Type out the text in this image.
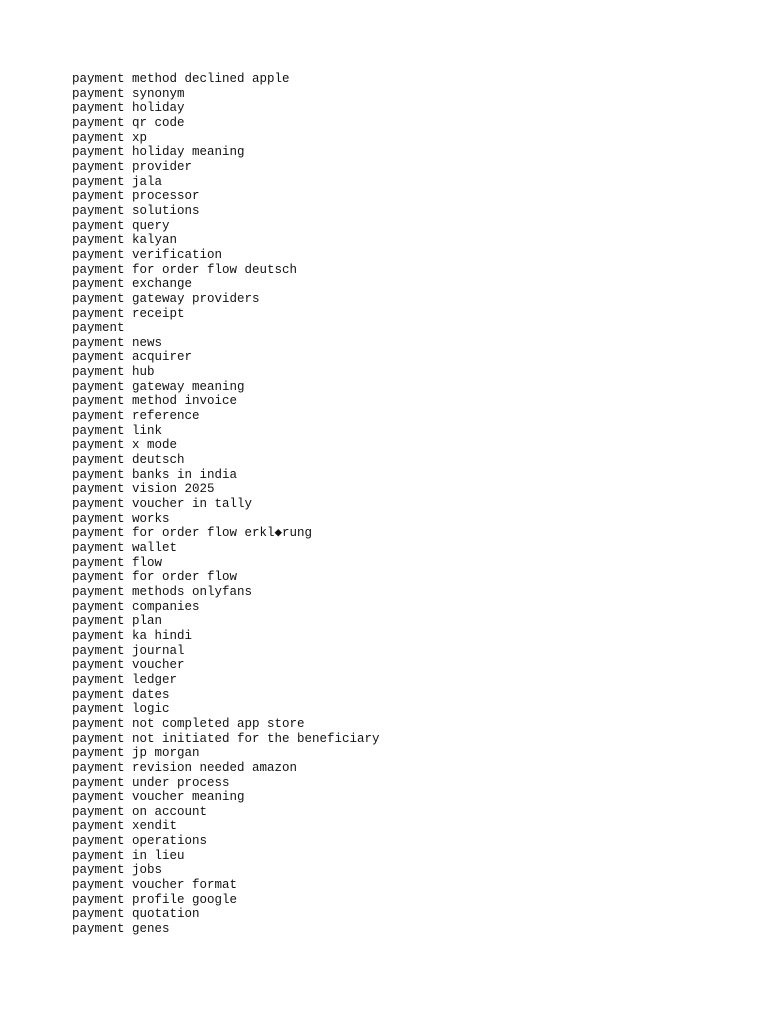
payment method declined apple
payment synonym
payment holiday
payment qr code
payment xp
payment holiday meaning
payment provider
payment jala
payment processor
payment solutions
payment query
payment kalyan
payment verification
payment for order flow deutsch
payment exchange
payment gateway providers
payment receipt
payment
payment news
payment acquirer
payment hub
payment gateway meaning
payment method invoice
payment reference
payment link
payment x mode
payment deutsch
payment banks in india
payment vision 2025
payment voucher in tally
payment works
payment for order flow erkl◆rung
payment wallet
payment flow
payment for order flow
payment methods onlyfans
payment companies
payment plan
payment ka hindi
payment journal
payment voucher
payment ledger
payment dates
payment logic
payment not completed app store
payment not initiated for the beneficiary
payment jp morgan
payment revision needed amazon
payment under process
payment voucher meaning
payment on account
payment xendit
payment operations
payment in lieu
payment jobs
payment voucher format
payment profile google
payment quotation
payment genes
